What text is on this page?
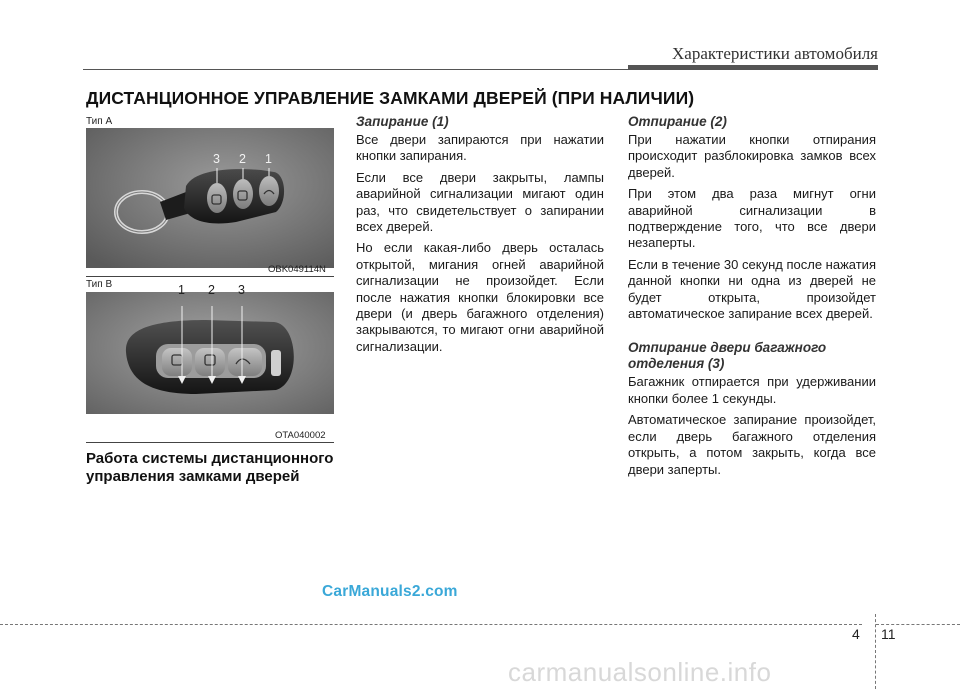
Характеристики автомобиля
ДИСТАНЦИОННОЕ УПРАВЛЕНИЕ ЗАМКАМИ ДВЕРЕЙ (ПРИ НАЛИЧИИ)
Тип A
3 2 1
OBK049114N
Тип B	1 2 3
OTA040002
Работа системы дистанционного управления замками дверей
Запирание (1)

Все двери запираются при нажатии кнопки запирания.

Если все двери закрыты, лампы аварийной сигнализации мигают один раз, что свидетельствует о запирании всех дверей.

Но если какая-либо дверь осталась открытой, мигания огней аварийной сигнализации не произойдет. Если после нажатия кнопки блокировки все двери (и дверь багажного отделения) закрываются, то мигают огни аварийной сигнализации.

Отпирание (2)

При нажатии кнопки отпирания происходит разблокировка замков всех дверей.

При этом два раза мигнут огни аварийной сигнализации в подтверждение того, что все двери незаперты.

Если в течение 30 секунд после нажатия данной кнопки ни одна из дверей не будет открыта, произойдет автоматическое запирание всех дверей.

Отпирание двери багажного отделения (3)

Багажник отпирается при удерживании кнопки более 1 секунды.

Автоматическое запирание произойдет, если дверь багажного отделения открыть, а потом закрыть, когда все двери заперты.

CarManuals2.com
carmanualsonline.info
4 11
